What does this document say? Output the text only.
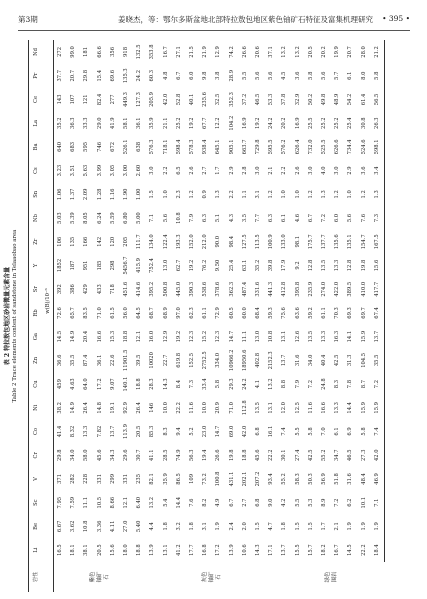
第3期	姜晓杰，等：鄂尔多斯盆地北部特拉敖包地区紫色铀矿石特征及富集机理研究 • 395 •
表 2 特拉敖包地区砂岩微量元素含量 Table 2 Trace elements content of sandstone in Telaaobao area
岩性	Li	Be	Sc	V	Cr	Co	Ni	Cu	Zn	Ga	Rb	Sr	Y	Zr	Nb	Sn	Cs	Ba	La	Ce	Pr	Nd
	w(B)/10⁻⁶																					
紫色铀矿石	16.5	6.67	7.95	371	29.8	41.4	38.2	459	36.6	14.5	72.6	392	1852	106	5.03	1.06	3.23	640	35.2	143	37.7	272
	18.1	3.62	7.59	282	34.0	8.32	14.9	4.63	35.5	14.9	65.7	386	187	135	5.39	1.37	3.51	683	36.3	107	20.7	99.0
	38.1	10.8	11.1	228	58.0	13.3	26.4	64.0	87.4	20.4	83.5	429	951	166	8.05	2.09	5.63	595	33.3	121	29.8	181
	20.5	3.36	10.5	331	45.6	7.82	14.8	17.2	36.1	16.6	71.0	433	185	142	6.24	1.28	3.99	746	29.0	82.4	15.4	66.6
	15.6	4.11	8.66	299	34.3	13.7	19.1	9.07	22.6	15.3	61.5	718	298	120	5.59	1.16	3.05	672	41.9	277	69.6	356
	18.0	27.0	12.1	331	29.6	113.9	92.9	140.1	11901.5	18.8	56.0	451.6	5456.7	205	6.80	1.90	3.00	526.1	58.1	449.3	135.3	918
	18.8	5.40	6.40	235	30.7	20.5	26.4	18.8	39.5	12.1	64.5	414.6	415.9	111.7	5.00	1.00	2.60	638	36.1	127.3	24.2	132.5
灰色铀矿石	13.9	4.4	13.2	82.1	41.1	85.3	146	28.3	10020	16.0	68.7	395.2	752.4	134.0	7.1	1.5	3.0	576.3	35.9	205.9	60.3	353.8
	13.1	1.8	5.4	35.9	28.5	8.3	10.0	14.3	22.7	12.9	68.9	500.8	13.0	122.4	5.6	1.0	2.2	718.1	21.1	42.0	4.8	16.7
	41.2	3.2	14.4	86.5	74.9	9.4	22.2	8.4	619.8	19.2	97.0	445.0	62.7	193.3	10.8	2.3	6.5	598.4	25.2	52.8	6.7	27.1
	17.7	1.8	7.6	109	56.3	5.2	11.6	7.3	152.5	12.3	62.3	390.3	19.2	152.0	7.9	1.2	2.6	578.3	19.2	40.1	6.0	21.5
	16.8	3.1	8.2	73.2	19.4	23.0	10.0	33.4	2752.5	15.2	61.1	538.6	76.2	212.0	6.3	0.9	2.7	938.4	67.7	235.6	9.8	21.9
	17.2	1.9	4.9	100.8	26.6	14.7	20.9	5.8	334.0	12.3	72.9	378.6	9.50	90.0	5.1	1.3	1.7	645.1	12.2	32.5	3.8	12.9
	13.9	2.4	6.7	431.1	19.8	69.0	71.0	29.3	10966.2	14.7	60.5	362.3	25.4	98.4	4.3	2.2	2.9	905.1	104.2	352.3	28.9	74.2
	10.6	2.0	2.7	202.1	18.8	42.0	112.8	24.2	18950.6	11.1	60.0	487.4	63.1	127.5	3.5	1.1	2.8	663.7	16.9	37.2	5.5	26.6
	14.3	1.5	6.8	207.2	45.6	6.8	13.5	4.1	402.8	13.0	68.4	331.6	35.2	113.5	7.7	3.1	3.0	729.8	19.2	46.5	5.6	20.6
	17.1	4.7	9.0	93.4	22.2	16.1	13.1	13.2	2152.3	10.8	59.3	441.3	39.8	100.9	6.3	1.2	2.1	595.5	24.2	53.3	5.6	37.1
绿色围岩	13.7	1.8	4.2	55.2	30.1	7.4	12.0	8.8	13.7	13.1	75.6	412.8	17.9	133.0	6.1	1.0	2.2	576.2	20.2	37.8	4.5	13.2
	15.5	1.5	5.5	58.3	27.4	5.5	12.5	7.9	31.6	12.6	63.6	395.8	9.2	98.1	4.6	1.0	2.6	626.4	16.9	32.9	3.6	13.2
	15.7	1.5	5.3	50.3	42.5	5.8	11.6	7.2	34.0	13.5	59.2	235.9	12.8	175.7	6.7	1.2	3.0	732.0	25.5	50.2	5.8	20.5
	18.2	1.7	8.9	56.9	55.2	7.0	16.6	24.8	40.4	13.3	61.1	274.0	13.5	137.7	7.2	1.3	4.0	525.5	25.2	49.8	5.6	20.2
	16.7	2.1	7.2	51.8	34.7	6.1	13.3	8.3	42.5	16.3	70.3	422.0	13.3	135.6	6.0	1.2	3.0	626.6	25.2	48.9	5.7	19.9
	14.5	1.9	6.2	31.6	46.5	6.9	14.4	7.8	31.3	14.1	69.3	389.5	12.8	135.1	5.6	1.0	2.9	734.4	25.4	54.2	6.1	20.7
	22.2	1.9	10.1	48.4	27.3	5.8	15.9	8.7	104.5	15.9	69.7	410.0	19.8	154.7	7.6	1.2	3.6	524.6	30.8	61.4	8.0	28.0
	18.4	1.9	7.1	46.9	42.0	7.4	15.9	7.2	35.5	13.7	67.4	417.7	15.6	167.5	7.3	1.3	3.4	598.1	26.3	56.5	5.8	21.2
